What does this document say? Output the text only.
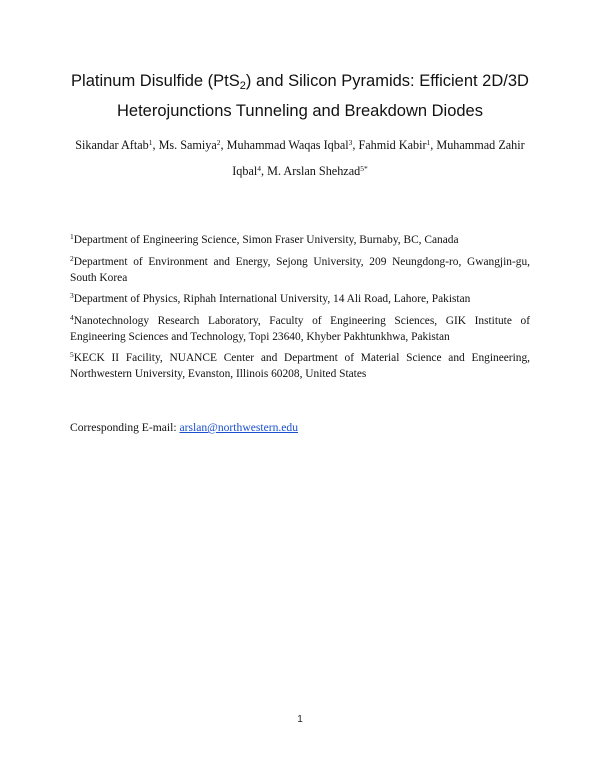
Platinum Disulfide (PtS$_2$) and Silicon Pyramids: Efficient 2D/3D
Heterojunctions Tunneling and Breakdown Diodes
Sikandar Aftab$^1$, Ms. Samiya$^2$, Muhammad Waqas Iqbal$^3$, Fahmid Kabir$^1$, Muhammad Zahir
Iqbal$^4$, M. Arslan Shehzad$^{5*}$

$^1$Department of Engineering Science, Simon Fraser University, Burnaby, BC, Canada

$^2$Department of Environment and Energy, Sejong University, 209 Neungdong-ro, Gwangjin-gu, South Korea

$^3$Department of Physics, Riphah International University, 14 Ali Road, Lahore, Pakistan

$^4$Nanotechnology Research Laboratory, Faculty of Engineering Sciences, GIK Institute of Engineering Sciences and Technology, Topi 23640, Khyber Pakhtunkhwa, Pakistan

$^5$KECK II Facility, NUANCE Center and Department of Material Science and Engineering, Northwestern University, Evanston, Illinois 60208, United States

Corresponding E-mail: arslan@northwestern.edu
1
